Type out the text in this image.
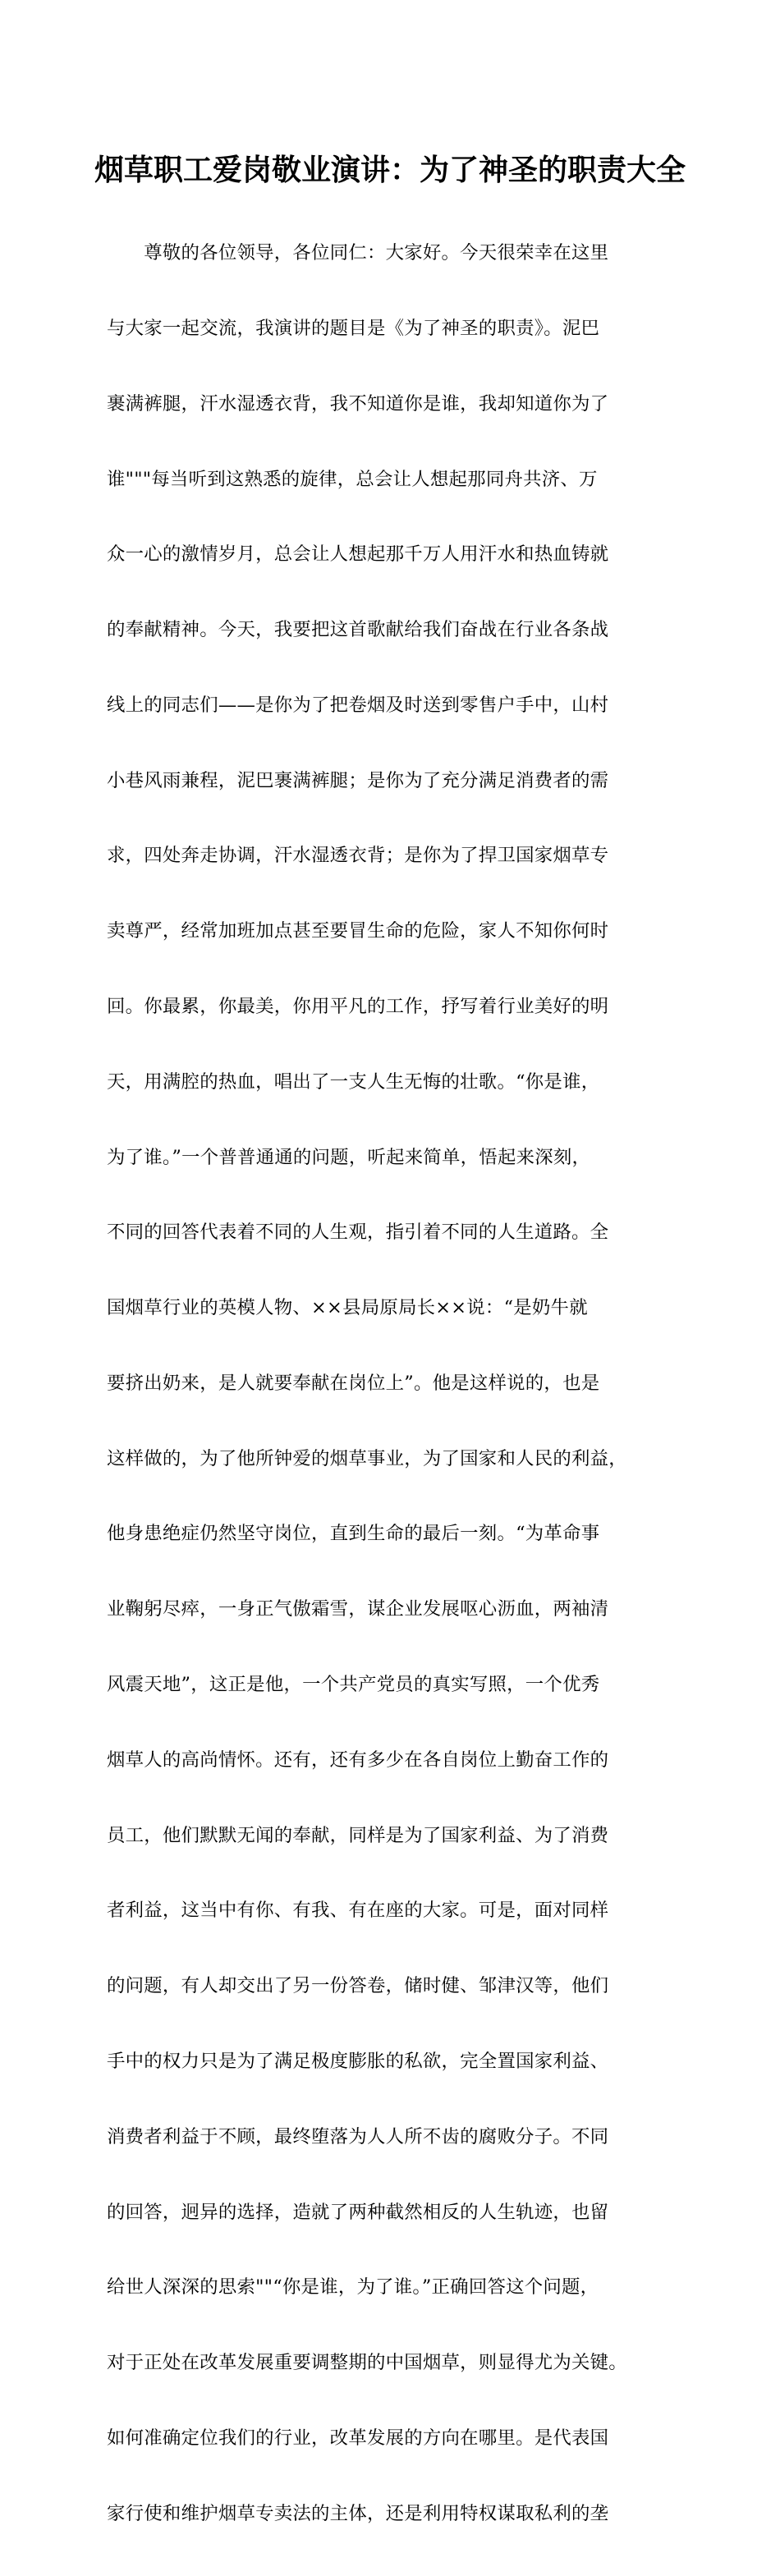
烟草职工爱岗敬业演讲：为了神圣的职责大全

　　尊敬的各位领导，各位同仁：大家好。今天很荣幸在这里

与大家一起交流，我演讲的题目是《为了神圣的职责》。泥巴

裹满裤腿，汗水湿透衣背，我不知道你是谁，我却知道你为了

谁"""每当听到这熟悉的旋律，总会让人想起那同舟共济、万

众一心的激情岁月，总会让人想起那千万人用汗水和热血铸就

的奉献精神。今天，我要把这首歌献给我们奋战在行业各条战

线上的同志们——是你为了把卷烟及时送到零售户手中，山村

小巷风雨兼程，泥巴裹满裤腿；是你为了充分满足消费者的需

求，四处奔走协调，汗水湿透衣背；是你为了捍卫国家烟草专

卖尊严，经常加班加点甚至要冒生命的危险，家人不知你何时

回。你最累，你最美，你用平凡的工作，抒写着行业美好的明

天，用满腔的热血，唱出了一支人生无悔的壮歌。“你是谁，

为了谁。”一个普普通通的问题，听起来简单，悟起来深刻，

不同的回答代表着不同的人生观，指引着不同的人生道路。全

国烟草行业的英模人物、××县局原局长××说：“是奶牛就

要挤出奶来，是人就要奉献在岗位上”。他是这样说的，也是

这样做的，为了他所钟爱的烟草事业，为了国家和人民的利益，

他身患绝症仍然坚守岗位，直到生命的最后一刻。“为革命事

业鞠躬尽瘁，一身正气傲霜雪，谋企业发展呕心沥血，两袖清

风震天地”，这正是他，一个共产党员的真实写照，一个优秀

烟草人的高尚情怀。还有，还有多少在各自岗位上勤奋工作的

员工，他们默默无闻的奉献，同样是为了国家利益、为了消费

者利益，这当中有你、有我、有在座的大家。可是，面对同样

的问题，有人却交出了另一份答卷，储时健、邹津汉等，他们

手中的权力只是为了满足极度膨胀的私欲，完全置国家利益、

消费者利益于不顾，最终堕落为人人所不齿的腐败分子。不同

的回答，迥异的选择，造就了两种截然相反的人生轨迹，也留

给世人深深的思索""“你是谁，为了谁。”正确回答这个问题，

对于正处在改革发展重要调整期的中国烟草，则显得尤为关键。

如何准确定位我们的行业，改革发展的方向在哪里。是代表国

家行使和维护烟草专卖法的主体，还是利用特权谋取私利的垄
